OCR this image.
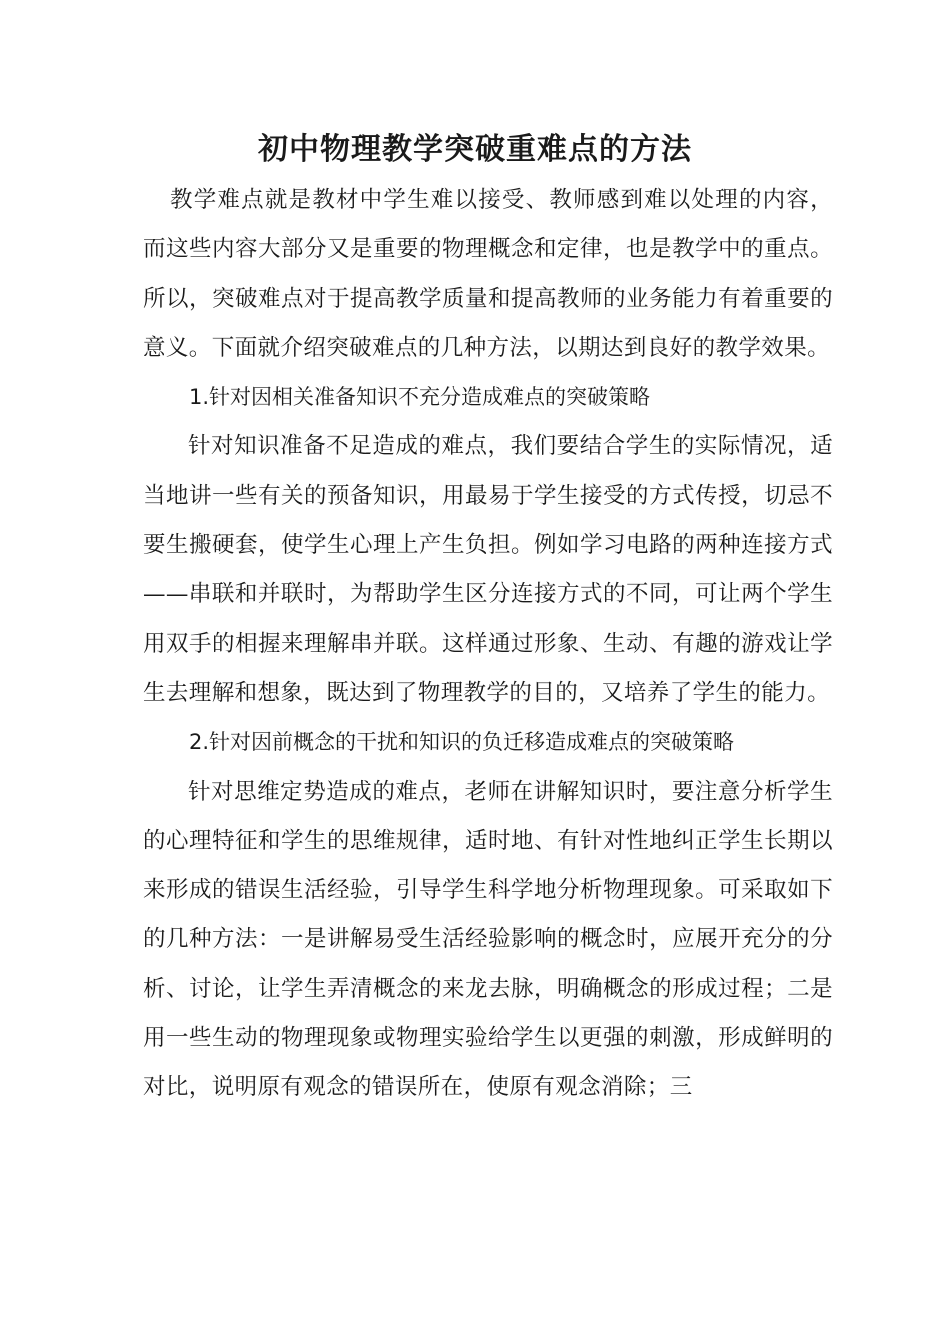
初中物理教学突破重难点的方法

教学难点就是教材中学生难以接受、教师感到难以处理的内容，而这些内容大部分又是重要的物理概念和定律，也是教学中的重点。所以，突破难点对于提高教学质量和提高教师的业务能力有着重要的意义。下面就介绍突破难点的几种方法，以期达到良好的教学效果。

1.针对因相关准备知识不充分造成难点的突破策略

针对知识准备不足造成的难点，我们要结合学生的实际情况，适当地讲一些有关的预备知识，用最易于学生接受的方式传授，切忌不要生搬硬套，使学生心理上产生负担。例如学习电路的两种连接方式——串联和并联时，为帮助学生区分连接方式的不同，可让两个学生用双手的相握来理解串并联。这样通过形象、生动、有趣的游戏让学生去理解和想象，既达到了物理教学的目的，又培养了学生的能力。

2.针对因前概念的干扰和知识的负迁移造成难点的突破策略

针对思维定势造成的难点，老师在讲解知识时，要注意分析学生的心理特征和学生的思维规律，适时地、有针对性地纠正学生长期以来形成的错误生活经验，引导学生科学地分析物理现象。可采取如下的几种方法：一是讲解易受生活经验影响的概念时，应展开充分的分析、讨论，让学生弄清概念的来龙去脉，明确概念的形成过程；二是用一些生动的物理现象或物理实验给学生以更强的刺激，形成鲜明的对比，说明原有观念的错误所在，使原有观念消除；三
